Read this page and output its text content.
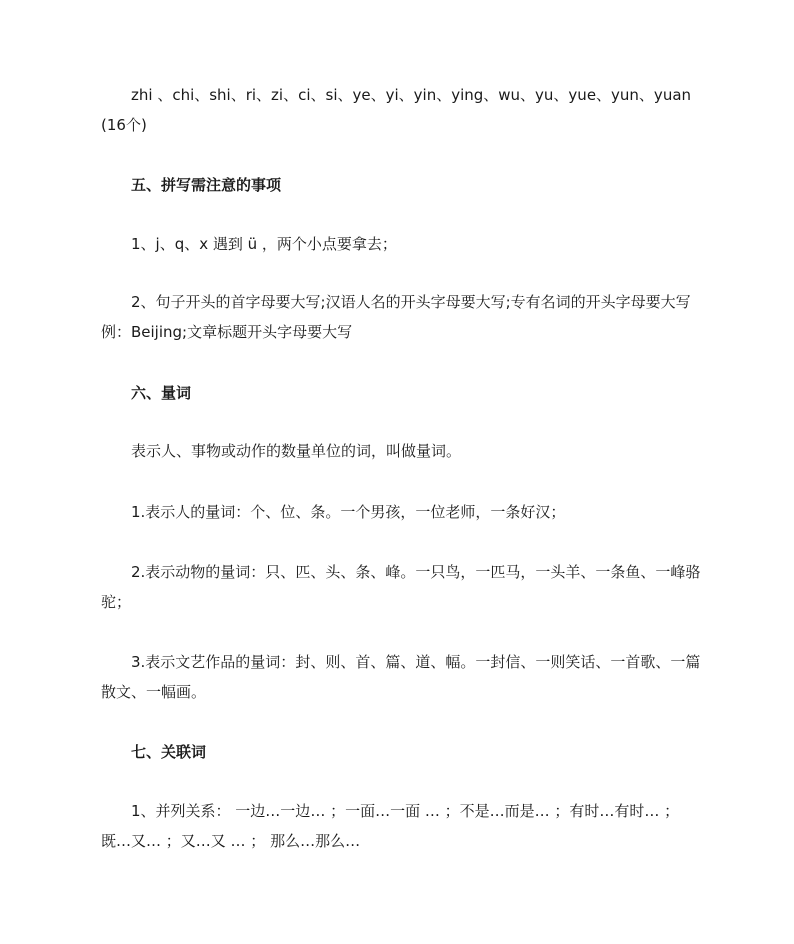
zhi 、chi、shi、ri、zi、ci、si、ye、yi、yin、ying、wu、yu、yue、yun、yuan(16个)

五、拼写需注意的事项

1、j、q、x 遇到 ü ，两个小点要拿去；

2、句子开头的首字母要大写;汉语人名的开头字母要大写;专有名词的开头字母要大写例：Beijing;文章标题开头字母要大写

六、量词

表示人、事物或动作的数量单位的词，叫做量词。

1.表示人的量词：个、位、条。一个男孩，一位老师，一条好汉；

2.表示动物的量词：只、匹、头、条、峰。一只鸟，一匹马，一头羊、一条鱼、一峰骆驼；

3.表示文艺作品的量词：封、则、首、篇、道、幅。一封信、一则笑话、一首歌、一篇散文、一幅画。

七、关联词

1、并列关系： 一边…一边… ；一面…一面 … ；不是…而是… ；有时…有时… ；既…又… ；又…又 … ； 那么…那么…
